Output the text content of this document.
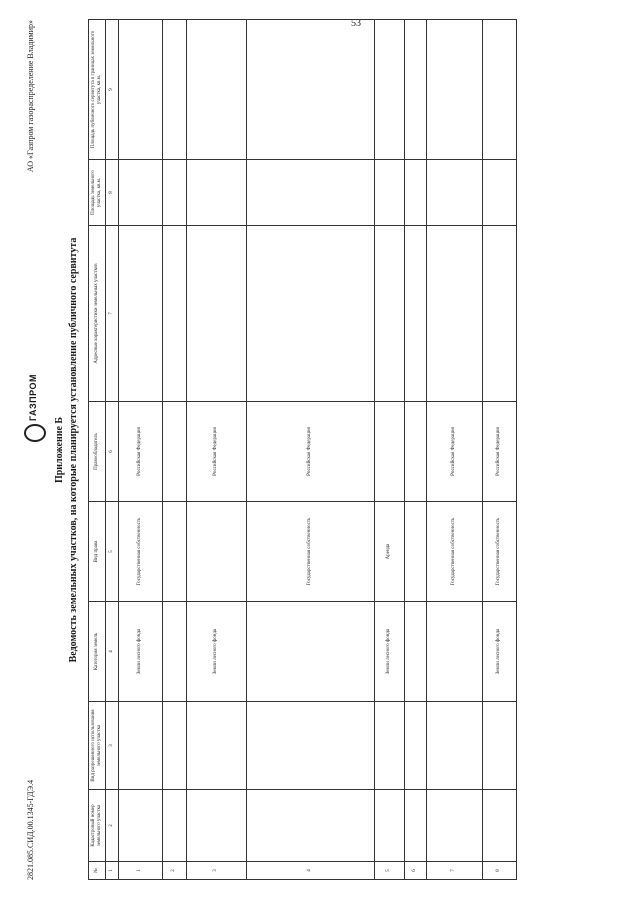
53
2821.085.СИД.00.1345-ГДЭ.4
ГАЗПРОМ
АО «Газпром газораспределение Владимир»
Приложение Б Ведомость земельных участков, на которые планируется установление публичного сервитута
№	Кадастровый номер земельного участка	Вид разрешенного использования земельного участка	Категория земель	Вид права	Правообладатель	Адресные характеристики земельных участков	Площадь земельного участка, кв.м.	Площадь публичного сервитута в границах земельного участка, кв.м.
1	2	3	4	5	6	7	8	9
1			Земли лесного фонда	Государственная собственность	Российская Федерация			
2								
3			Земли лесного фонда		Российская Федерация			
4				Государственная собственность	Российская Федерация			
5			Земли лесного фонда	Аренда				
6								
7				Государственная собственность	Российская Федерация			
8			Земли лесного фонда	Государственная собственность	Российская Федерация			
